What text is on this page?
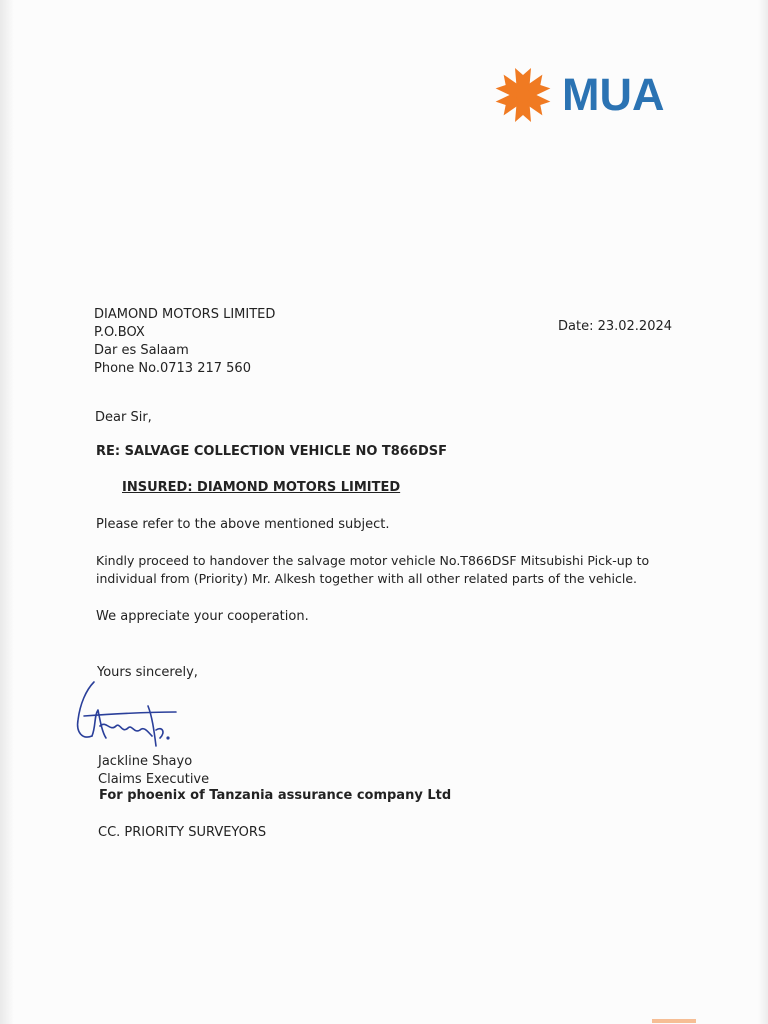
MUA
DIAMOND MOTORS LIMITED
P.O.BOX
Dar es Salaam
Phone No.0713 217 560
Date: 23.02.2024
Dear Sir,
RE: SALVAGE COLLECTION VEHICLE NO T866DSF
INSURED: DIAMOND MOTORS LIMITED
Please refer to the above mentioned subject.
Kindly proceed to handover the salvage motor vehicle No.T866DSF Mitsubishi Pick-up to
individual from (Priority) Mr. Alkesh together with all other related parts of the vehicle.
We appreciate your cooperation.
Yours sincerely,
Jackline Shayo
Claims Executive
For phoenix of Tanzania assurance company Ltd
CC. PRIORITY SURVEYORS
